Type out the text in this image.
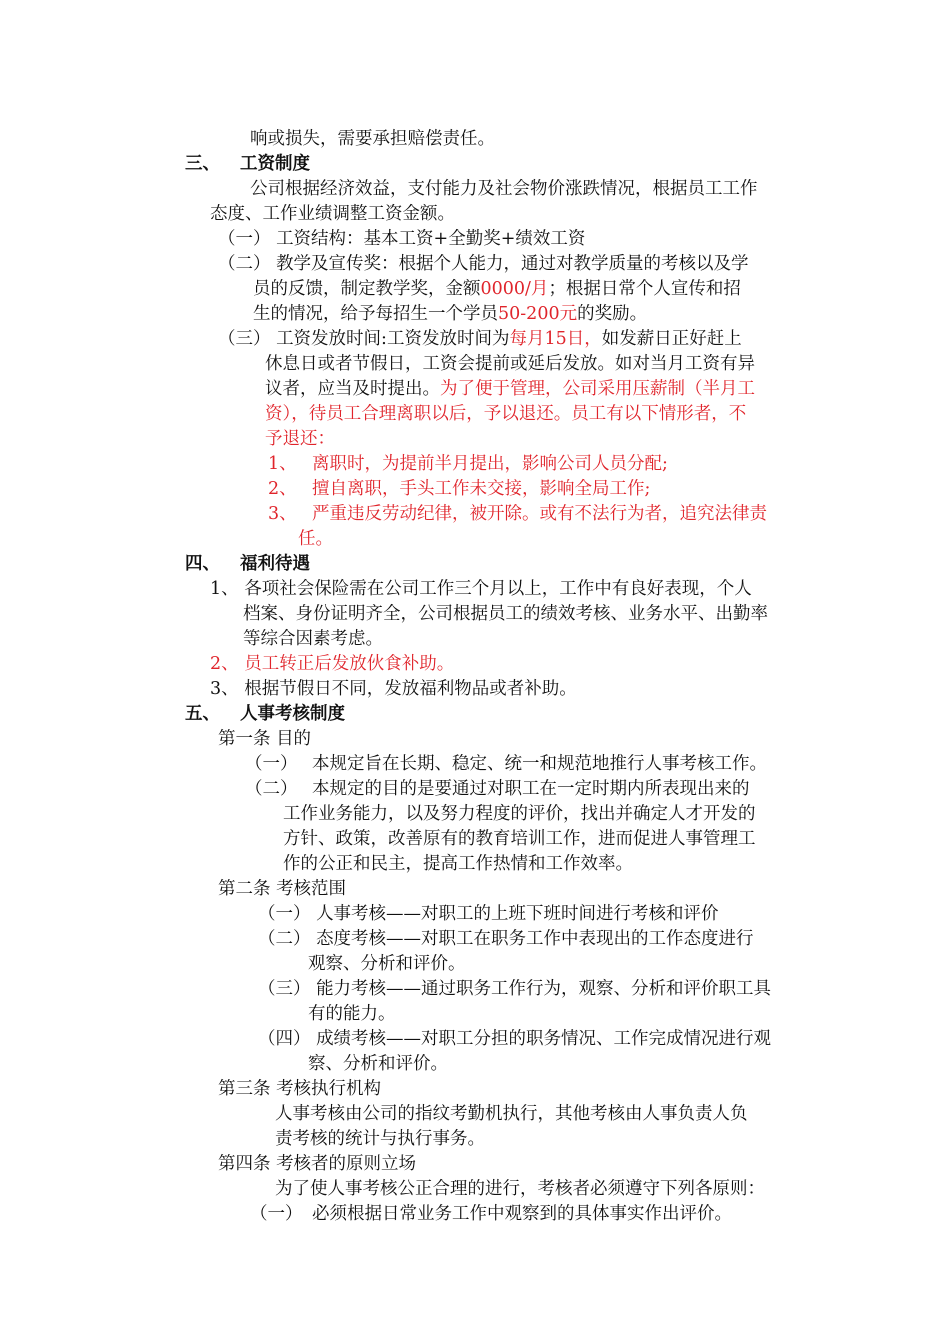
响或损失，需要承担赔偿责任。
三、 工资制度
公司根据经济效益，支付能力及社会物价涨跌情况，根据员工工作
态度、工作业绩调整工资金额。
（一） 工资结构：基本工资+全勤奖+绩效工资
（二） 教学及宣传奖：根据个人能力，通过对教学质量的考核以及学
员的反馈，制定教学奖，金额0000/月；根据日常个人宣传和招
生的情况，给予每招生一个学员50-200元的奖励。
（三） 工资发放时间:工资发放时间为每月15日，如发薪日正好赶上
休息日或者节假日，工资会提前或延后发放。如对当月工资有异
议者，应当及时提出。为了便于管理，公司采用压薪制（半月工
资），待员工合理离职以后，予以退还。员工有以下情形者，不
予退还：
1、 离职时，为提前半月提出，影响公司人员分配;
2、 擅自离职，手头工作未交接，影响全局工作;
3、 严重违反劳动纪律，被开除。或有不法行为者，追究法律责
任。
四、 福利待遇
1、 各项社会保险需在公司工作三个月以上，工作中有良好表现，个人
档案、身份证明齐全，公司根据员工的绩效考核、业务水平、出勤率
等综合因素考虑。
2、 员工转正后发放伙食补助。
3、 根据节假日不同，发放福利物品或者补助。
五、 人事考核制度
第一条 目的
（一） 本规定旨在长期、稳定、统一和规范地推行人事考核工作。
（二） 本规定的目的是要通过对职工在一定时期内所表现出来的
工作业务能力，以及努力程度的评价，找出并确定人才开发的
方针、政策，改善原有的教育培训工作，进而促进人事管理工
作的公正和民主，提高工作热情和工作效率。
第二条 考核范围
（一） 人事考核——对职工的上班下班时间进行考核和评价
（二） 态度考核——对职工在职务工作中表现出的工作态度进行
观察、分析和评价。
（三） 能力考核——通过职务工作行为，观察、分析和评价职工具
有的能力。
（四） 成绩考核——对职工分担的职务情况、工作完成情况进行观
察、分析和评价。
第三条 考核执行机构
人事考核由公司的指纹考勤机执行，其他考核由人事负责人负
责考核的统计与执行事务。
第四条 考核者的原则立场
为了使人事考核公正合理的进行，考核者必须遵守下列各原则：
（一） 必须根据日常业务工作中观察到的具体事实作出评价。
